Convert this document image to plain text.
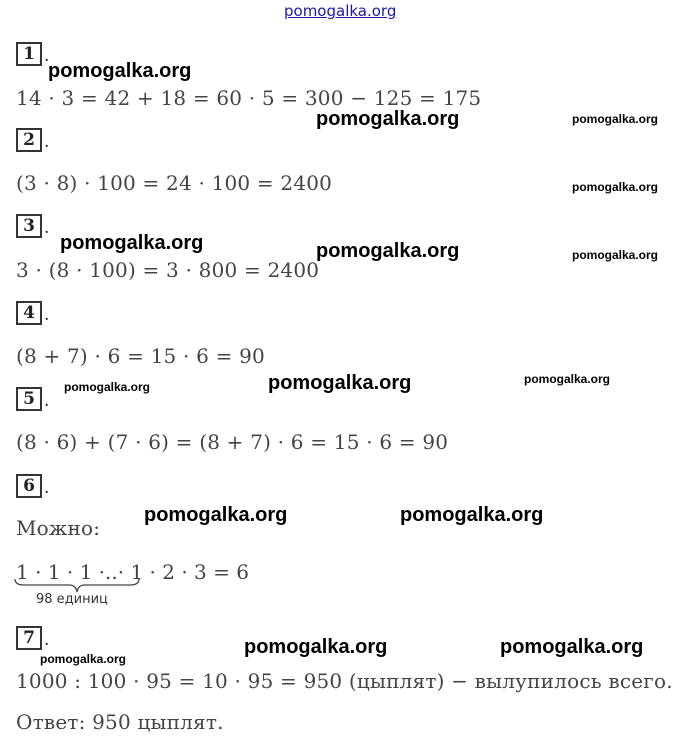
pomogalka.org
1 .
14 · 3 = 42 + 18 = 60 · 5 = 300 − 125 = 175
2 .
(3 · 8) · 100 = 24 · 100 = 2400
3 .
3 · (8 · 100) = 3 · 800 = 2400
4 .
(8 + 7) · 6 = 15 · 6 = 90
5 .
(8 · 6) + (7 · 6) = (8 + 7) · 6 = 15 · 6 = 90
6 .
Можно:
1 · 1 · 1 ·..· 1 · 2 · 3 = 6
98 единиц
7 .
1000 : 100 · 95 = 10 · 95 = 950 (цыплят) − вылупилось всего.
Ответ: 950 цыплят.
pomogalka.org
pomogalka.org	pomogalka.org
pomogalka.org
pomogalka.org	pomogalka.org	pomogalka.org
pomogalka.org	pomogalka.org	pomogalka.org
pomogalka.org	pomogalka.org
pomogalka.org	pomogalka.org
pomogalka.org
